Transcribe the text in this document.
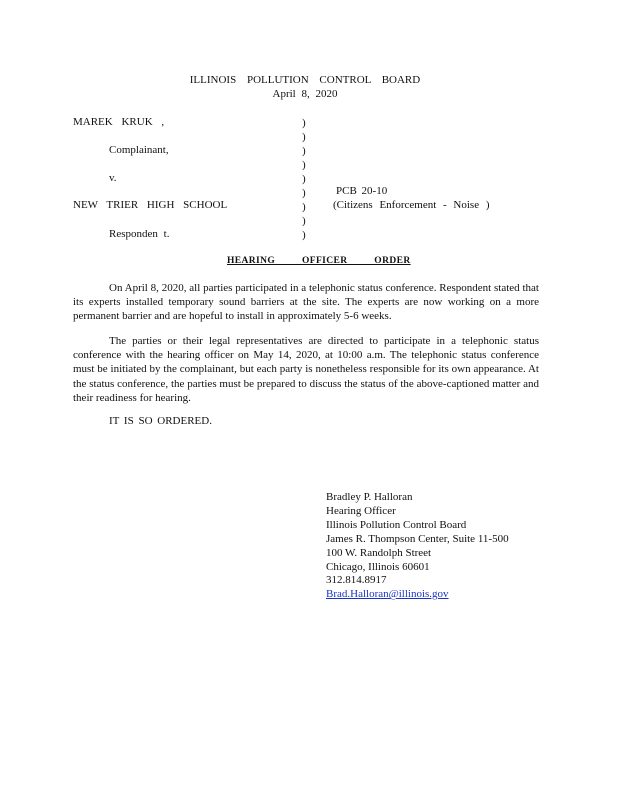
ILLINOIS POLLUTION CONTROL BOARD
April 8, 2020
MAREK KRUK ,
Complainant,
v.
NEW TRIER HIGH SCHOOL
Responden t.
)
)
)
)
)
)
)
)
)
PCB 20-10
(Citizens Enforcement - Noise )
HEARING OFFICER ORDER
On April 8, 2020, all parties participated in a telephonic status conference. Respondent stated that its experts installed temporary sound barriers at the site. The experts are now working on a more permanent barrier and are hopeful to install in approximately 5-6 weeks.
The parties or their legal representatives are directed to participate in a telephonic status conference with the hearing officer on May 14, 2020, at 10:00 a.m. The telephonic status conference must be initiated by the complainant, but each party is nonetheless responsible for its own appearance. At the status conference, the parties must be prepared to discuss the status of the above-captioned matter and their readiness for hearing.
IT IS SO ORDERED.
Bradley P. Halloran
Hearing Officer
Illinois Pollution Control Board
James R. Thompson Center, Suite 11-500
100 W. Randolph Street
Chicago, Illinois 60601
312.814.8917
Brad.Halloran@illinois.gov
